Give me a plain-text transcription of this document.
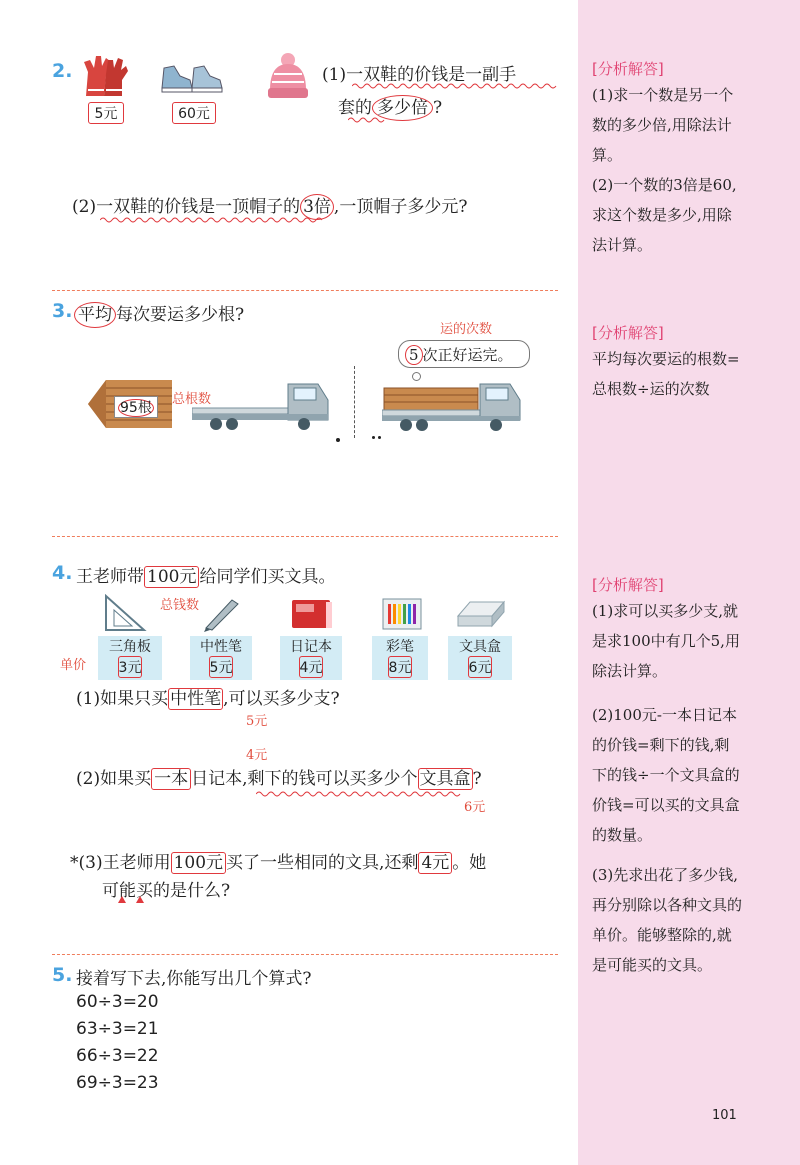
[分析解答]
(1)求一个数是另一个数的多少倍,用除法计算。
(2)一个数的3倍是60,求这个数是多少,用除法计算。
[分析解答]
平均每次要运的根数=总根数÷运的次数
[分析解答]
(1)求可以买多少支,就是求100中有几个5,用除法计算。
(2)100元-一本日记本的价钱=剩下的钱,剩下的钱÷一个文具盒的价钱=可以买的文具盒的数量。
(3)先求出花了多少钱,再分别除以各种文具的单价。能够整除的,就是可能买的文具。
101
2.
5元	60元
(1)一双鞋的价钱是一副手
套的 多少倍 ?
(2)一双鞋的价钱是一顶帽子的 3倍 ,一顶帽子多少元?
3. 平均 每次要运多少根?
95根
总根数
运的次数
5 次正好运完。
4. 王老师带 100元 给同学们买文具。
总钱数
三角板
3元
中性笔
5元
日记本
4元
彩笔
8元
文具盒
6元
单价
(1)如果只买 中性笔 ,可以买多少支?
5元
4元
(2)如果买 一本 日记本,剩下的钱可以买多少个 文具盒 ?
6元
*(3)王老师用 100元 买了一些相同的文具,还剩 4元 。她
可能买的是什么?
5. 接着写下去,你能写出几个算式?
60÷3=20
63÷3=21
66÷3=22
69÷3=23
